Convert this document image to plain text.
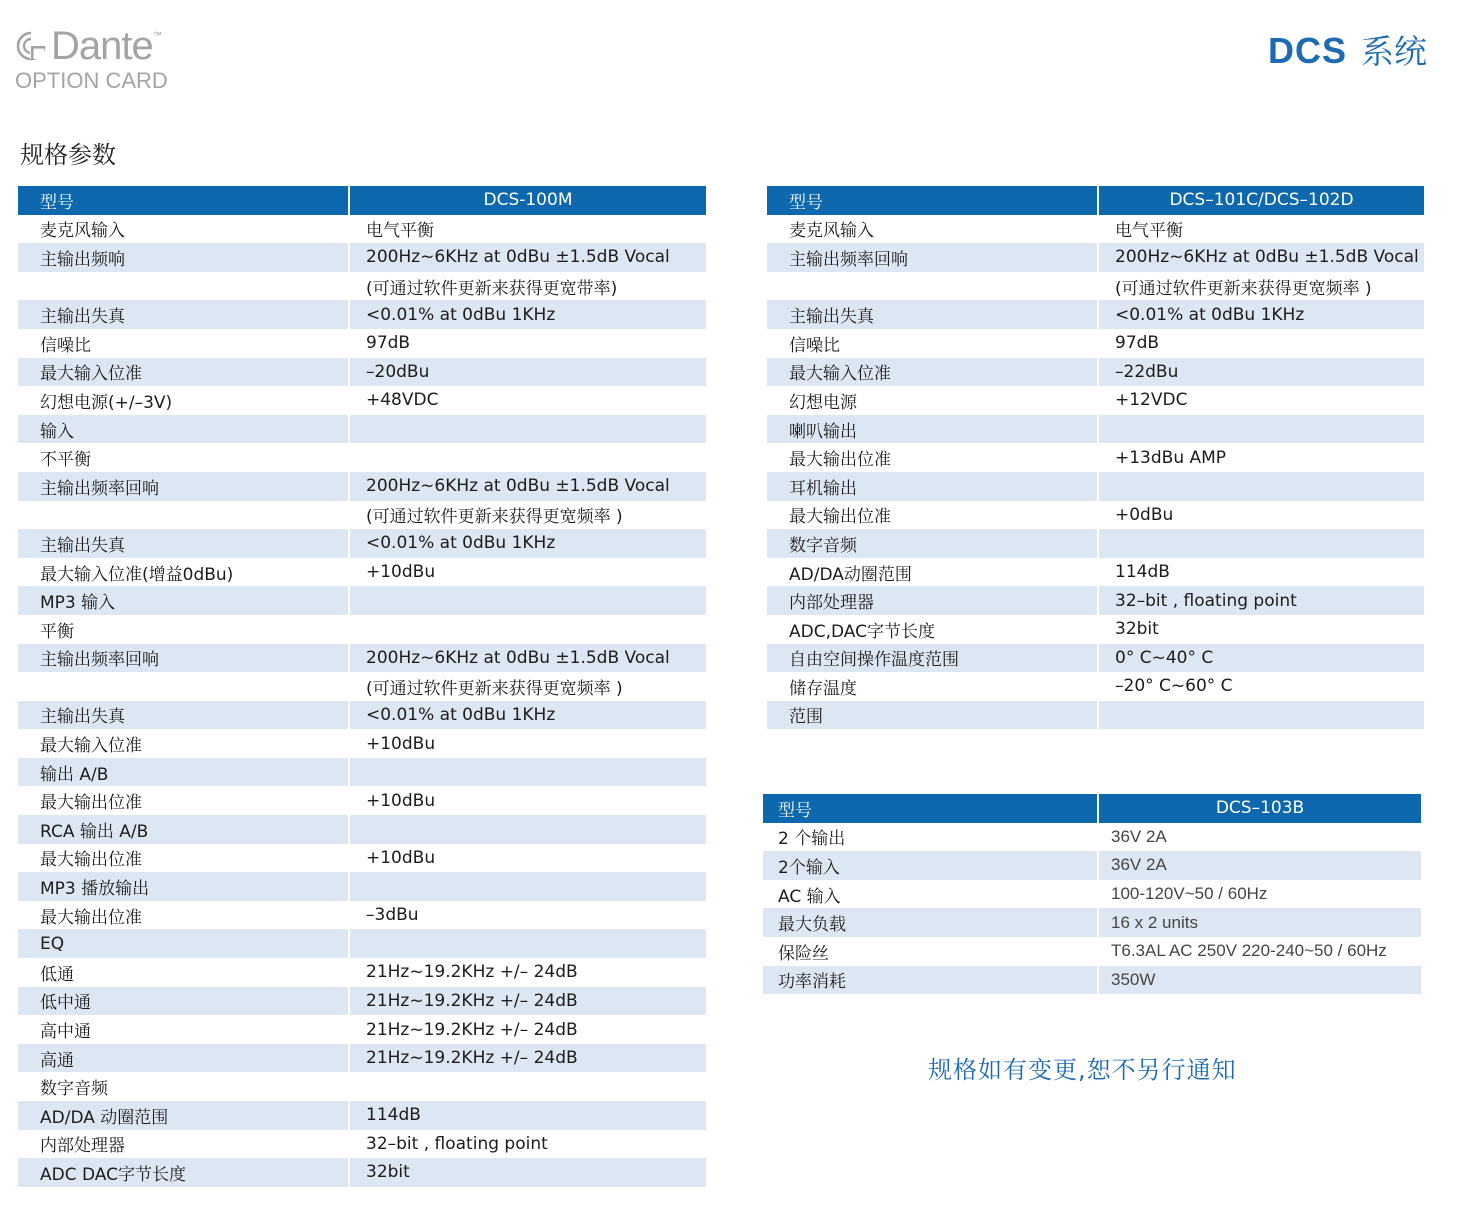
Dante ™
OPTION CARD
DCS 系统
规格参数
型号	DCS-100M
麦克风输入	电气平衡
主输出频响	200Hz~6KHz at 0dBu ±1.5dB Vocal
	(可通过软件更新来获得更宽带率)
主输出失真	<0.01% at 0dBu 1KHz
信噪比	97dB
最大输入位准	–20dBu
幻想电源(+/–3V)	+48VDC
输入	
不平衡	
主输出频率回响	200Hz~6KHz at 0dBu ±1.5dB Vocal
	(可通过软件更新来获得更宽频率 )
主输出失真	<0.01% at 0dBu 1KHz
最大输入位准(增益0dBu)	+10dBu
MP3 输入	
平衡	
主输出频率回响	200Hz~6KHz at 0dBu ±1.5dB Vocal
	(可通过软件更新来获得更宽频率 )
主输出失真	<0.01% at 0dBu 1KHz
最大输入位准	+10dBu
输出 A/B	
最大输出位准	+10dBu
RCA 输出 A/B	
最大输出位准	+10dBu
MP3 播放输出	
最大输出位准	–3dBu
EQ	
低通	21Hz~19.2KHz +/– 24dB
低中通	21Hz~19.2KHz +/– 24dB
高中通	21Hz~19.2KHz +/– 24dB
高通	21Hz~19.2KHz +/– 24dB
数字音频	
AD/DA 动圈范围	114dB
内部处理器	32–bit , floating point
ADC DAC字节长度	32bit
型号	DCS–101C/DCS–102D
麦克风输入	电气平衡
主输出频率回响	200Hz~6KHz at 0dBu ±1.5dB Vocal
	(可通过软件更新来获得更宽频率 )
主输出失真	<0.01% at 0dBu 1KHz
信噪比	97dB
最大输入位准	–22dBu
幻想电源	+12VDC
喇叭输出	
最大输出位准	+13dBu AMP
耳机输出	
最大输出位准	+0dBu
数字音频	
AD/DA动圈范围	114dB
内部处理器	32–bit , floating point
ADC,DAC字节长度	32bit
自由空间操作温度范围	0° C~40° C
储存温度	–20° C~60° C
范围	
型号	DCS–103B
2 个输出	36V 2A
2个输入	36V 2A
AC 输入	100-120V~50 / 60Hz
最大负载	16 x 2 units
保险丝	T6.3AL AC 250V 220-240~50 / 60Hz
功率消耗	350W
规格如有变更,恕不另行通知
